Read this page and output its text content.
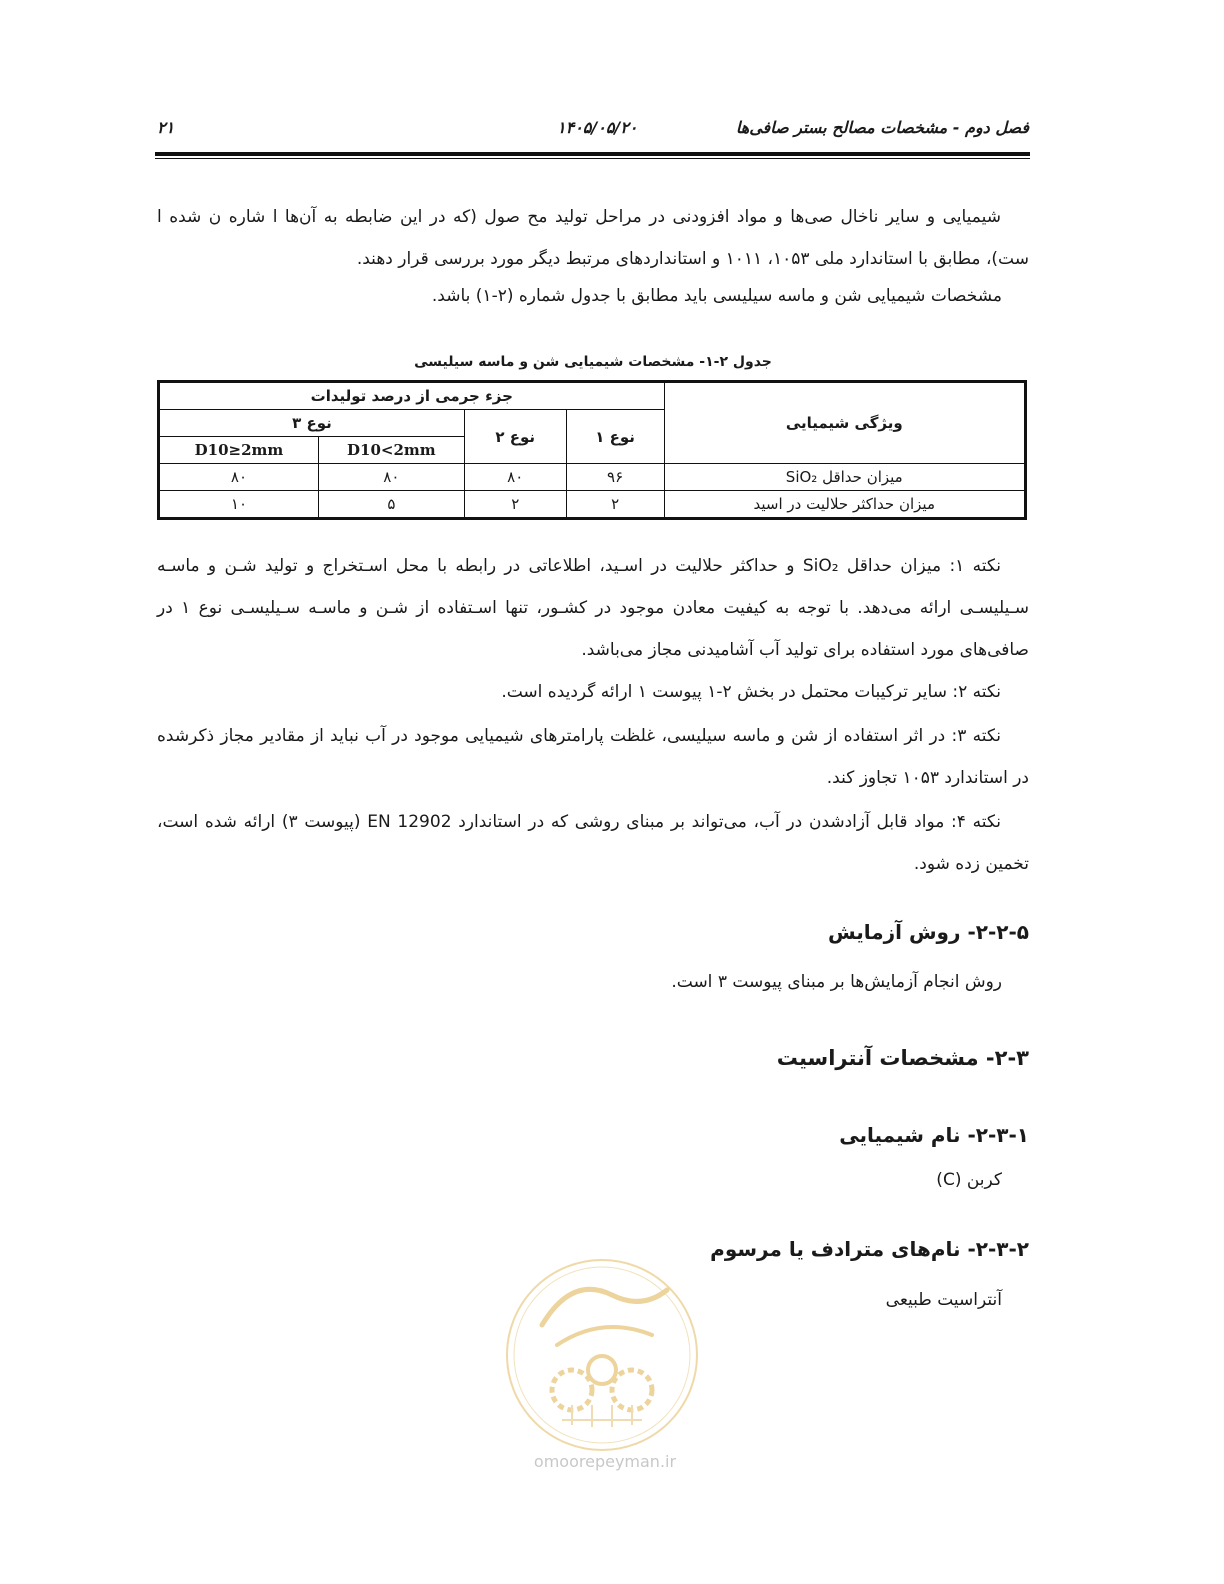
فصل دوم - مشخصات مصالح بستر صافی‌ها
۱۴۰۵/۰۵/۲۰
۲۱
شیمیایی و سایر ناخال صی‌ها و مواد افزودنی در مراحل تولید مح صول (که در این ضابطه به آن‌ها ا شاره ن شده ا ست)، مطابق با استاندارد ملی ۱۰۵۳، ۱۰۱۱ و استانداردهای مرتبط دیگر مورد بررسی قرار دهند.
مشخصات شیمیایی شن و ماسه سیلیسی باید مطابق با جدول شماره (۲-۱) باشد.
جدول ۲-۱- مشخصات شیمیایی شن و ماسه سیلیسی
ویژگی شیمیایی	جزء جرمی از درصد تولیدات			
	نوع ۱	نوع ۲	نوع ۳	
			D10<2mm	D10≥2mm
میزان حداقل SiO₂	۹۶	۸۰	۸۰	۸۰
میزان حداکثر حلالیت در اسید	۲	۲	۵	۱۰
نکته ۱: میزان حداقل SiO₂ و حداکثر حلالیت در اسـید، اطلاعاتی در رابطه با محل اسـتخراج و تولید شـن و ماسـه سـیلیسـی ارائه می‌دهد. با توجه به کیفیت معادن موجود در کشـور، تنها اسـتفاده از شـن و ماسـه سـیلیسـی نوع ۱ در صافی‌های مورد استفاده برای تولید آب آشامیدنی مجاز می‌باشد.
نکته ۲: سایر ترکیبات محتمل در بخش ۲-۱ پیوست ۱ ارائه گردیده است.
نکته ۳: در اثر استفاده از شن و ماسه سیلیسی، غلظت پارامترهای شیمیایی موجود در آب نباید از مقادیر مجاز ذکرشده در استاندارد ۱۰۵۳ تجاوز کند.
نکته ۴: مواد قابل آزادشدن در آب، می‌تواند بر مبنای روشی که در استاندارد EN 12902 (پیوست ۳) ارائه شده است، تخمین زده شود.
۲-۲-۵- روش آزمایش
روش انجام آزمایش‌ها بر مبنای پیوست ۳ است.
۲-۳- مشخصات آنتراسیت
۲-۳-۱- نام شیمیایی
کربن (C)
۲-۳-۲- نام‌های مترادف یا مرسوم
آنتراسیت طبیعی
omoorepeyman.ir
